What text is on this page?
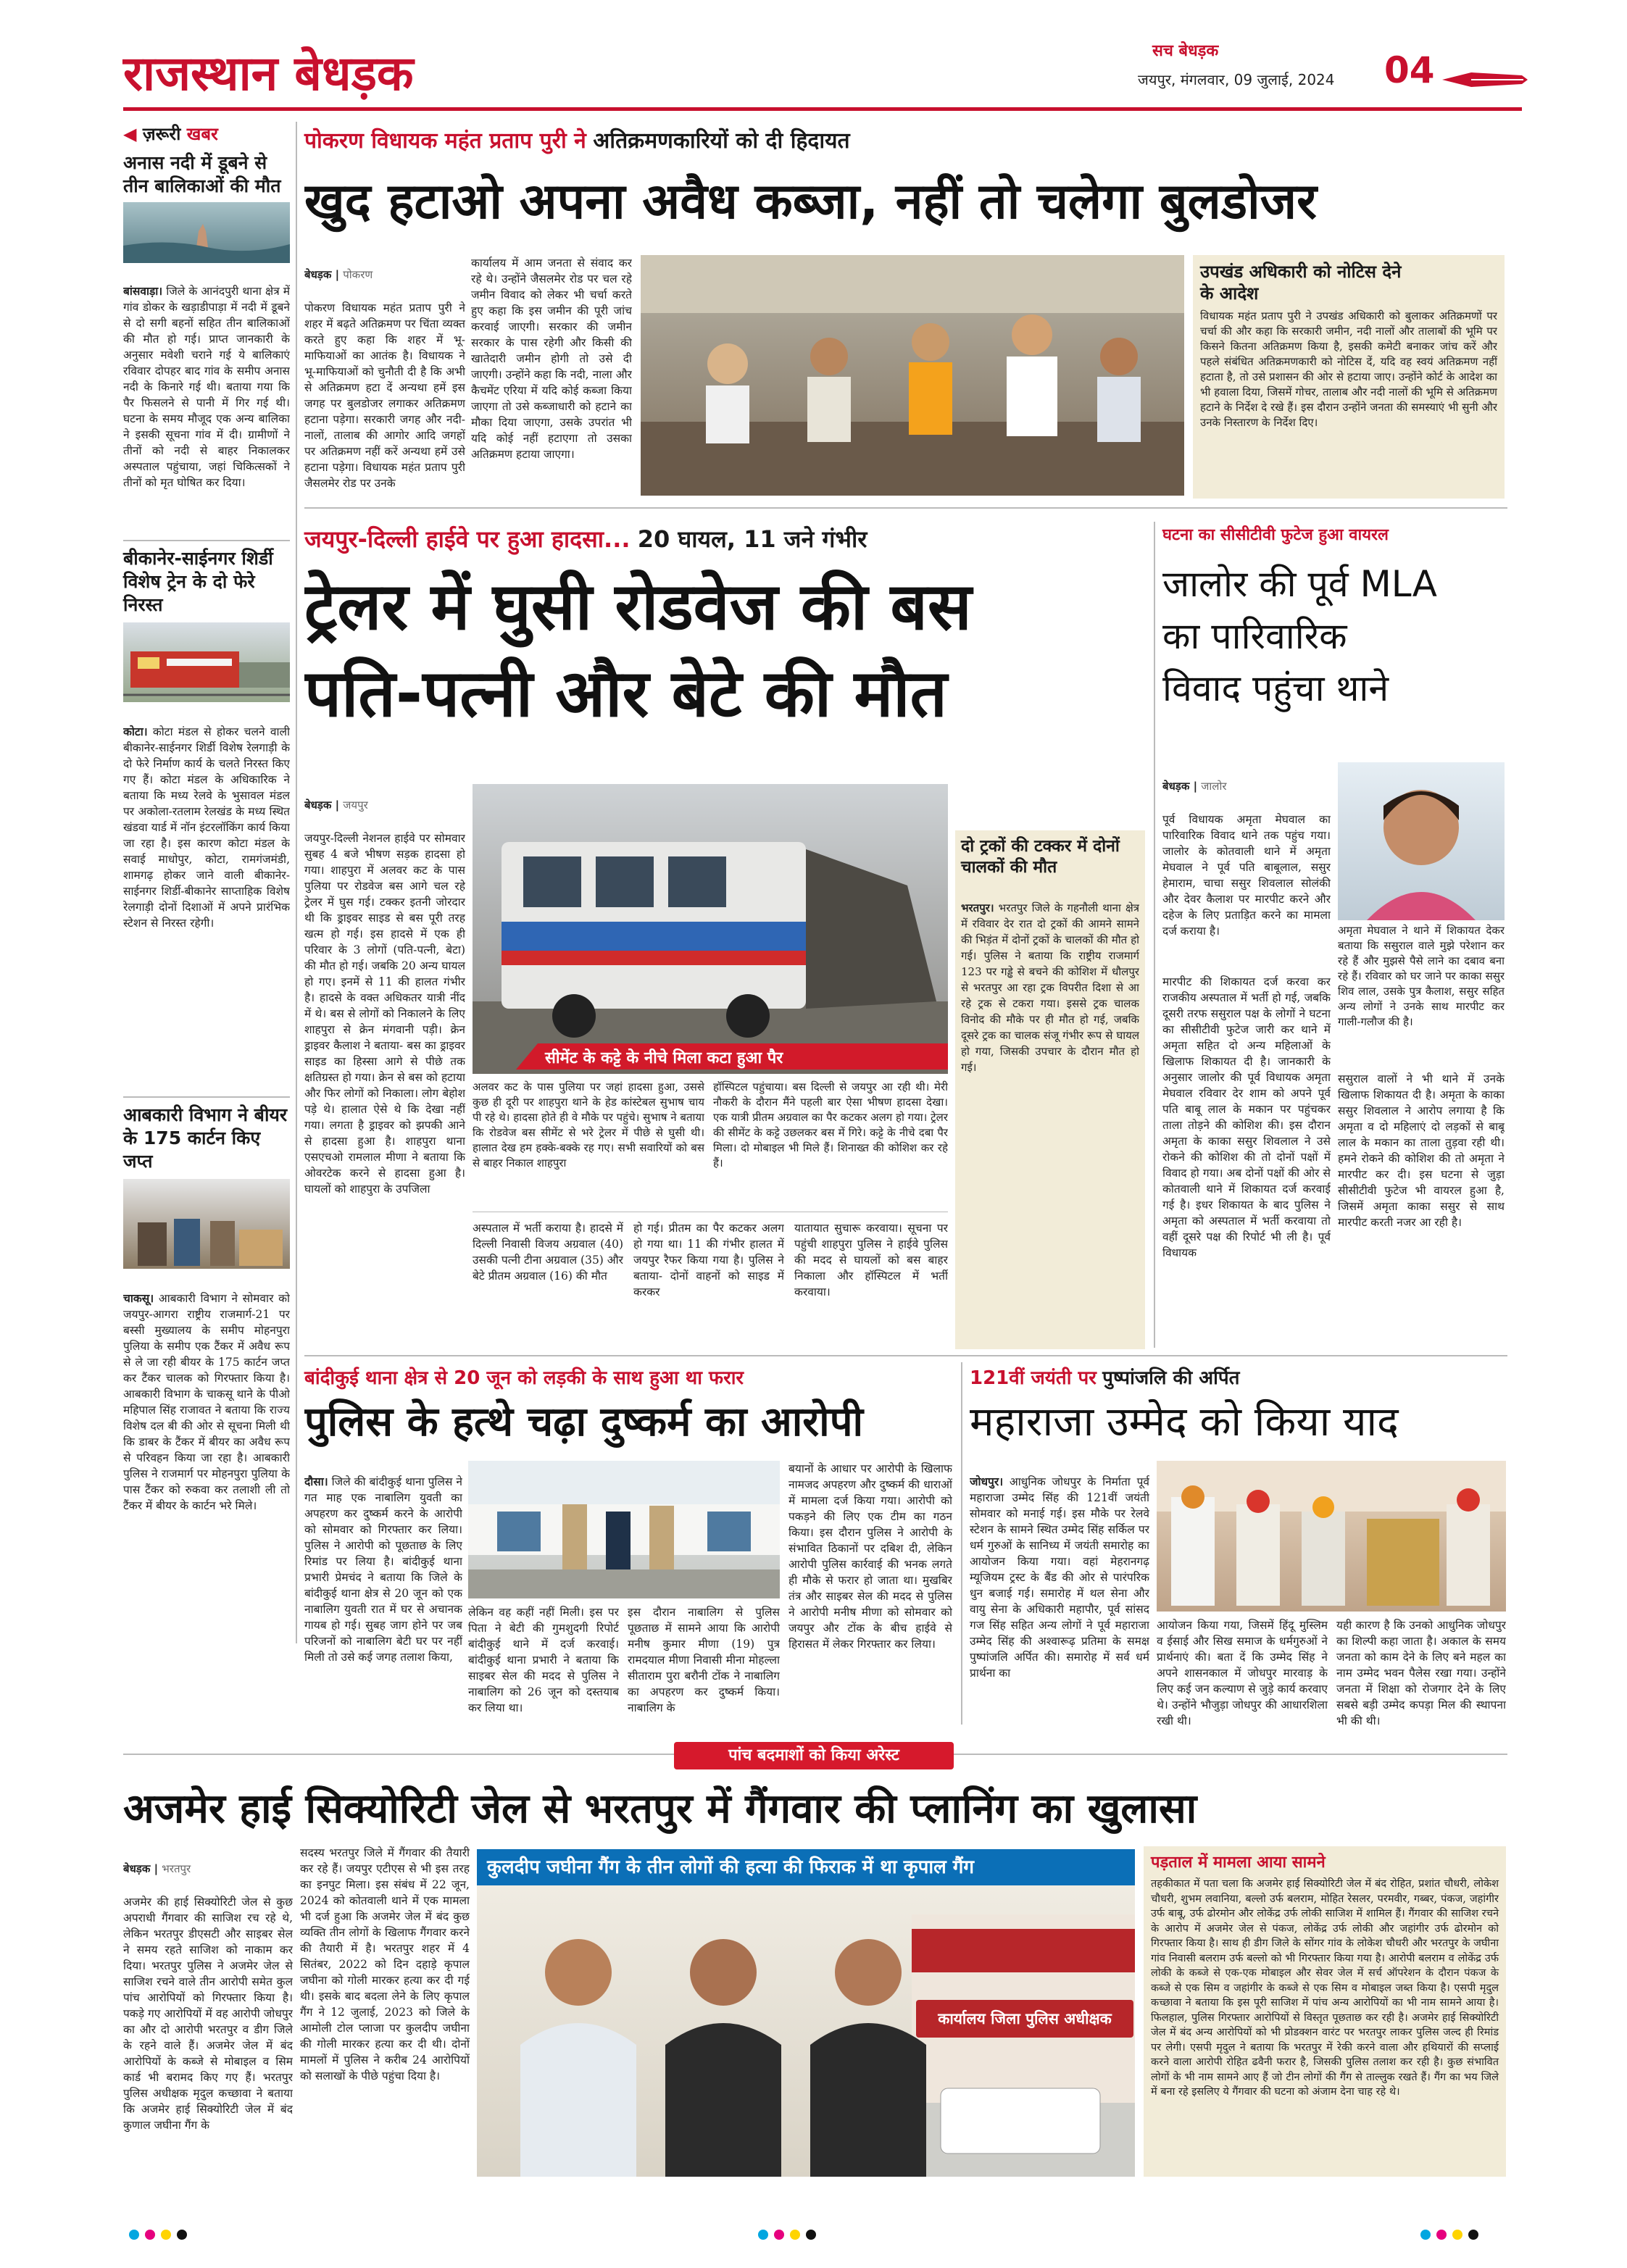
राजस्थान बेधड़क	सच बेधड़क
जयपुर, मंगलवार, 09 जुलाई, 2024 04
◀ ज़रूरी खबर
अनास नदी में डूबने से तीन बालिकाओं की मौत

बांसवाड़ा। जिले के आनंदपुरी थाना क्षेत्र में गांव डोकर के खड़ाडीपाड़ा में नदी में डूबने से दो सगी बहनों सहित तीन बालिकाओं की मौत हो गई। प्राप्त जानकारी के अनुसार मवेशी चराने गई ये बालिकाएं रविवार दोपहर बाद गांव के समीप अनास नदी के किनारे गई थी। बताया गया कि पैर फिसलने से पानी में गिर गई थी। घटना के समय मौजूद एक अन्य बालिका ने इसकी सूचना गांव में दी। ग्रामीणों ने तीनों को नदी से बाहर निकालकर अस्पताल पहुंचाया, जहां चिकित्सकों ने तीनों को मृत घोषित कर दिया।

बीकानेर-साईनगर शिर्डी विशेष ट्रेन के दो फेरे निरस्त

कोटा। कोटा मंडल से होकर चलने वाली बीकानेर-साईनगर शिर्डी विशेष रेलगाड़ी के दो फेरे निर्माण कार्य के चलते निरस्त किए गए हैं। कोटा मंडल के अधिकारिक ने बताया कि मध्य रेलवे के भुसावल मंडल पर अकोला-रतलाम रेलखंड के मध्य स्थित खंडवा यार्ड में नॉन इंटरलॉकिंग कार्य किया जा रहा है। इस कारण कोटा मंडल के सवाई माधोपुर, कोटा, रामगंजमंडी, शामगढ़ होकर जाने वाली बीकानेर-साईनगर शिर्डी-बीकानेर साप्ताहिक विशेष रेलगाड़ी दोनों दिशाओं में अपने प्रारंभिक स्टेशन से निरस्त रहेगी।

आबकारी विभाग ने बीयर के 175 कार्टन किए जप्त

चाकसू। आबकारी विभाग ने सोमवार को जयपुर-आगरा राष्ट्रीय राजमार्ग-21 पर बस्सी मुख्यालय के समीप मोहनपुरा पुलिया के समीप एक टैंकर में अवैध रूप से ले जा रही बीयर के 175 कार्टन जप्त कर टैंकर चालक को गिरफ्तार किया है। आबकारी विभाग के चाकसू थाने के पीओ महिपाल सिंह राजावत ने बताया कि राज्य विशेष दल बी की ओर से सूचना मिली थी कि डाबर के टैंकर में बीयर का अवैध रूप से परिवहन किया जा रहा है। आबकारी पुलिस ने राजमार्ग पर मोहनपुरा पुलिया के पास टैंकर को रुकवा कर तलाशी ली तो टैंकर में बीयर के कार्टन भरे मिले।

पोकरण विधायक महंत प्रताप पुरी ने अतिक्रमणकारियों को दी हिदायत
खुद हटाओ अपना अवैध कब्जा, नहीं तो चलेगा बुलडोजर

बेधड़क | पोकरण

पोकरण विधायक महंत प्रताप पुरी ने शहर में बढ़ते अतिक्रमण पर चिंता व्यक्त करते हुए कहा कि शहर में भू-माफियाओं का आतंक है। विधायक ने भू-माफियाओं को चुनौती दी है कि अभी से अतिक्रमण हटा दें अन्यथा हमें इस जगह पर बुलडोजर लगाकर अतिक्रमण हटाना पड़ेगा। सरकारी जगह और नदी-नालों, तालाब की आगोर आदि जगहों पर अतिक्रमण नहीं करें अन्यथा हमें उसे हटाना पड़ेगा। विधायक महंत प्रताप पुरी जैसलमेर रोड पर उनके

कार्यालय में आम जनता से संवाद कर रहे थे। उन्होंने जैसलमेर रोड पर चल रहे जमीन विवाद को लेकर भी चर्चा करते हुए कहा कि इस जमीन की पूरी जांच करवाई जाएगी। सरकार की जमीन सरकार के पास रहेगी और किसी की खातेदारी जमीन होगी तो उसे दी जाएगी। उन्होंने कहा कि नदी, नाला और कैचमेंट एरिया में यदि कोई कब्जा किया जाएगा तो उसे कब्जाधारी को हटाने का मौका दिया जाएगा, उसके उपरांत भी यदि कोई नहीं हटाएगा तो उसका अतिक्रमण हटाया जाएगा।
उपखंड अधिकारी को नोटिस देने के आदेश
विधायक महंत प्रताप पुरी ने उपखंड अधिकारी को बुलाकर अतिक्रमणों पर चर्चा की और कहा कि सरकारी जमीन, नदी नालों और तालाबों की भूमि पर किसने कितना अतिक्रमण किया है, इसकी कमेटी बनाकर जांच करें और पहले संबंधित अतिक्रमणकारी को नोटिस दें, यदि वह स्वयं अतिक्रमण नहीं हटाता है, तो उसे प्रशासन की ओर से हटाया जाए। उन्होंने कोर्ट के आदेश का भी हवाला दिया, जिसमें गोचर, तालाब और नदी नालों की भूमि से अतिक्रमण हटाने के निर्देश दे रखे हैं। इस दौरान उन्होंने जनता की समस्याएं भी सुनी और उनके निस्तारण के निर्देश दिए।
जयपुर-दिल्ली हाईवे पर हुआ हादसा... 20 घायल, 11 जने गंभीर
ट्रेलर में घुसी रोडवेज की बस
पति-पत्नी और बेटे की मौत

बेधड़क | जयपुर

जयपुर-दिल्ली नेशनल हाईवे पर सोमवार सुबह 4 बजे भीषण सड़क हादसा हो गया। शाहपुरा में अलवर कट के पास पुलिया पर रोडवेज बस आगे चल रहे ट्रेलर में घुस गई। टक्कर इतनी जोरदार थी कि ड्राइवर साइड से बस पूरी तरह खत्म हो गई। इस हादसे में एक ही परिवार के 3 लोगों (पति-पत्नी, बेटा) की मौत हो गई। जबकि 20 अन्य घायल हो गए। इनमें से 11 की हालत गंभीर है। हादसे के वक्त अधिकतर यात्री नींद में थे। बस से लोगों को निकालने के लिए शाहपुरा से क्रेन मंगवानी पड़ी। क्रेन ड्राइवर कैलाश ने बताया- बस का ड्राइवर साइड का हिस्सा आगे से पीछे तक क्षतिग्रस्त हो गया। क्रेन से बस को हटाया और फिर लोगों को निकाला। लोग बेहोश पड़े थे। हालात ऐसे थे कि देखा नहीं गया। लगता है ड्राइवर को झपकी आने से हादसा हुआ है। शाहपुरा थाना एसएचओ रामलाल मीणा ने बताया कि ओवरटेक करने से हादसा हुआ है। घायलों को शाहपुरा के उपजिला

सीमेंट के कट्टे के नीचे मिला कटा हुआ पैर
अलवर कट के पास पुलिया पर जहां हादसा हुआ, उससे कुछ ही दूरी पर शाहपुरा थाने के हेड कांस्टेबल सुभाष चाय पी रहे थे। हादसा होते ही वे मौके पर पहुंचे। सुभाष ने बताया कि रोडवेज बस सीमेंट से भरे ट्रेलर में पीछे से घुसी थी। हालात देख हम हक्के-बक्के रह गए। सभी सवारियों को बस से बाहर निकाल शाहपुरा
हॉस्पिटल पहुंचाया। बस दिल्ली से जयपुर आ रही थी। मेरी नौकरी के दौरान मैंने पहली बार ऐसा भीषण हादसा देखा। एक यात्री प्रीतम अग्रवाल का पैर कटकर अलग हो गया। ट्रेलर की सीमेंट के कट्टे उछलकर बस में गिरे। कट्टे के नीचे दबा पैर मिला। दो मोबाइल भी मिले हैं। शिनाख्त की कोशिश कर रहे हैं।
अस्पताल में भर्ती कराया है। हादसे में दिल्ली निवासी विजय अग्रवाल (40) उसकी पत्नी टीना अग्रवाल (35) और बेटे प्रीतम अग्रवाल (16) की मौत
हो गई। प्रीतम का पैर कटकर अलग हो गया था। 11 की गंभीर हालत में जयपुर रैफर किया गया है। पुलिस ने बताया- दोनों वाहनों को साइड में करकर
यातायात सुचारू करवाया। सूचना पर पहुंची शाहपुरा पुलिस ने हाईवे पुलिस की मदद से घायलों को बस बाहर निकाला और हॉस्पिटल में भर्ती करवाया।
दो ट्रकों की टक्कर में दोनों चालकों की मौत

भरतपुर। भरतपुर जिले के गहनौली थाना क्षेत्र में रविवार देर रात दो ट्रकों की आमने सामने की भिड़ंत में दोनों ट्रकों के चालकों की मौत हो गई। पुलिस ने बताया कि राष्ट्रीय राजमार्ग 123 पर गड्ढे से बचने की कोशिश में धौलपुर से भरतपुर आ रहा ट्रक विपरीत दिशा से आ रहे ट्रक से टकरा गया। इससे ट्रक चालक विनोद की मौके पर ही मौत हो गई, जबकि दूसरे ट्रक का चालक संजू गंभीर रूप से घायल हो गया, जिसकी उपचार के दौरान मौत हो गई।

घटना का सीसीटीवी फुटेज हुआ वायरल
जालोर की पूर्व MLA
का पारिवारिक
विवाद पहुंचा थाने

बेधड़क | जालोर

पूर्व विधायक अमृता मेघवाल का पारिवारिक विवाद थाने तक पहुंच गया। जालोर के कोतवाली थाने में अमृता मेघवाल ने पूर्व पति बाबूलाल, ससुर हेमाराम, चाचा ससुर शिवलाल सोलंकी और देवर कैलाश पर मारपीट करने और दहेज के लिए प्रताड़ित करने का मामला दर्ज कराया है।	अमृता मेघवाल ने थाने में शिकायत देकर बताया कि ससुराल वाले मुझे परेशान कर रहे हैं और मुझसे पैसे लाने का दबाव बना रहे हैं। रविवार को घर जाने पर काका ससुर शिव लाल, उसके पुत्र कैलाश, ससुर सहित अन्य लोगों ने उनके साथ मारपीट कर गाली-गलौज की है।
मारपीट की शिकायत दर्ज करवा कर राजकीय अस्पताल में भर्ती हो गई, जबकि दूसरी तरफ ससुराल पक्ष के लोगों ने घटना का सीसीटीवी फुटेज जारी कर थाने में अमृता सहित दो अन्य महिलाओं के खिलाफ शिकायत दी है। जानकारी के अनुसार जालोर की पूर्व विधायक अमृता मेघवाल रविवार देर शाम को अपने पूर्व पति बाबू लाल के मकान पर पहुंचकर ताला तोड़ने की कोशिश की। इस दौरान अमृता के काका ससुर शिवलाल ने उसे रोकने की कोशिश की तो दोनों पक्षों में विवाद हो गया। अब दोनों पक्षों की ओर से कोतवाली थाने में शिकायत दर्ज करवाई गई है। इधर शिकायत के बाद पुलिस ने अमृता को अस्पताल में भर्ती करवाया तो वहीं दूसरे पक्ष की रिपोर्ट भी ली है। पूर्व विधायक
ससुराल वालों ने भी थाने में उनके खिलाफ शिकायत दी है। अमृता के काका ससुर शिवलाल ने आरोप लगाया है कि अमृता व दो महिलाएं दो लड़कों से बाबू लाल के मकान का ताला तुड़वा रही थी। हमने रोकने की कोशिश की तो अमृता ने मारपीट कर दी। इस घटना से जुड़ा सीसीटीवी फुटेज भी वायरल हुआ है, जिसमें अमृता काका ससुर से साथ मारपीट करती नजर आ रही है।
बांदीकुई थाना क्षेत्र से 20 जून को लड़की के साथ हुआ था फरार
पुलिस के हत्थे चढ़ा दुष्कर्म का आरोपी

दौसा। जिले की बांदीकुई थाना पुलिस ने गत माह एक नाबालिग युवती का अपहरण कर दुष्कर्म करने के आरोपी को सोमवार को गिरफ्तार कर लिया। पुलिस ने आरोपी को पूछताछ के लिए रिमांड पर लिया है। बांदीकुई थाना प्रभारी प्रेमचंद ने बताया कि जिले के बांदीकुई थाना क्षेत्र से 20 जून को एक नाबालिग युवती रात में घर से अचानक गायब हो गई। सुबह जाग होने पर जब परिजनों को नाबालिग बेटी घर पर नहीं मिली तो उसे कई जगह तलाश किया,

लेकिन वह कहीं नहीं मिली। इस पर पिता ने बेटी की गुमशुदगी रिपोर्ट बांदीकुई थाने में दर्ज करवाई। बांदीकुई थाना प्रभारी ने बताया कि साइबर सेल की मदद से पुलिस ने नाबालिग को 26 जून को दस्तयाब कर लिया था।
इस दौरान नाबालिग से पुलिस पूछताछ में सामने आया कि आरोपी मनीष कुमार मीणा (19) पुत्र रामदयाल मीणा निवासी मीना मोहल्ला सीताराम पुरा बरौनी टोंक ने नाबालिग का अपहरण कर दुष्कर्म किया। नाबालिग के
बयानों के आधार पर आरोपी के खिलाफ नामजद अपहरण और दुष्कर्म की धाराओं में मामला दर्ज किया गया। आरोपी को पकड़ने की लिए एक टीम का गठन किया। इस दौरान पुलिस ने आरोपी के संभावित ठिकानों पर दबिश दी, लेकिन आरोपी पुलिस कार्रवाई की भनक लगते ही मौके से फरार हो जाता था। मुखबिर तंत्र और साइबर सेल की मदद से पुलिस ने आरोपी मनीष मीणा को सोमवार को जयपुर और टोंक के बीच हाईवे से हिरासत में लेकर गिरफ्तार कर लिया।
121वीं जयंती पर पुष्पांजलि की अर्पित
महाराजा उम्मेद को किया याद

जोधपुर। आधुनिक जोधपुर के निर्माता पूर्व महाराजा उम्मेद सिंह की 121वीं जयंती सोमवार को मनाई गई। इस मौके पर रेलवे स्टेशन के सामने स्थित उम्मेद सिंह सर्किल पर धर्म गुरुओं के सानिध्य में जयंती समारोह का आयोजन किया गया। वहां मेहरानगढ़ म्यूजियम ट्रस्ट के बैंड की ओर से पारंपरिक धुन बजाई गई। समारोह में थल सेना और वायु सेना के अधिकारी महापौर, पूर्व सांसद गज सिंह सहित अन्य लोगों ने पूर्व महाराजा उम्मेद सिंह की अश्वारूढ़ प्रतिमा के समक्ष पुष्पांजलि अर्पित की। समारोह में सर्व धर्म प्रार्थना का

आयोजन किया गया, जिसमें हिंदू मुस्लिम व ईसाई और सिख समाज के धर्मगुरुओं ने प्रार्थनाएं की। बता दें कि उम्मेद सिंह ने अपने शासनकाल में जोधपुर मारवाड़ के लिए कई जन कल्याण से जुड़े कार्य करवाए थे। उन्होंने भौजुड़ा जोधपुर की आधारशिला रखी थी।
यही कारण है कि उनको आधुनिक जोधपुर का शिल्पी कहा जाता है। अकाल के समय जनता को काम देने के लिए बने महल का नाम उम्मेद भवन पैलेस रखा गया। उन्होंने जनता में शिक्षा को रोजगार देने के लिए सबसे बड़ी उम्मेद कपड़ा मिल की स्थापना भी की थी।
पांच बदमाशों को किया अरेस्ट
अजमेर हाई सिक्योरिटी जेल से भरतपुर में गैंगवार की प्लानिंग का खुलासा

बेधड़क | भरतपुर

अजमेर की हाई सिक्योरिटी जेल से कुछ अपराधी गैंगवार की साजिश रच रहे थे, लेकिन भरतपुर डीएसटी और साइबर सेल ने समय रहते साजिश को नाकाम कर दिया। भरतपुर पुलिस ने अजमेर जेल से साजिश रचने वाले तीन आरोपी समेत कुल पांच आरोपियों को गिरफ्तार किया है। पकड़े गए आरोपियों में वह आरोपी जोधपुर का और दो आरोपी भरतपुर व डीग जिले के रहने वाले हैं। अजमेर जेल में बंद आरोपियों के कब्जे से मोबाइल व सिम कार्ड भी बरामद किए गए हैं। भरतपुर पुलिस अधीक्षक मृदुल कच्छावा ने बताया कि अजमेर हाई सिक्योरिटी जेल में बंद कुणाल जघीना गैंग के

सदस्य भरतपुर जिले में गैंगवार की तैयारी कर रहे हैं। जयपुर एटीएस से भी इस तरह का इनपुट मिला। इस संबंध में 22 जून, 2024 को कोतवाली थाने में एक मामला भी दर्ज हुआ कि अजमेर जेल में बंद कुछ व्यक्ति तीन लोगों के खिलाफ गैंगवार करने की तैयारी में है। भरतपुर शहर में 4 सितंबर, 2022 को दिन दहाड़े कृपाल जघीना को गोली मारकर हत्या कर दी गई थी। इसके बाद बदला लेने के लिए कृपाल गैंग ने 12 जुलाई, 2023 को जिले के आमोली टोल प्लाजा पर कुलदीप जघीना की गोली मारकर हत्या कर दी थी। दोनों मामलों में पुलिस ने करीब 24 आरोपियों को सलाखों के पीछे पहुंचा दिया है।
कुलदीप जघीना गैंग के तीन लोगों की हत्या की फिराक में था कृपाल गैंग
कार्यालय जिला पुलिस अधीक्षक
पड़ताल में मामला आया सामने
तहकीकात में पता चला कि अजमेर हाई सिक्योरिटी जेल में बंद रोहित, प्रशांत चौधरी, लोकेश चौधरी, शुभम लवानिया, बल्लो उर्फ बलराम, मोहित रेसलर, परमवीर, गब्बर, पंकज, जहांगीर उर्फ बाबू, उर्फ ढोरमोन और लोकेंद्र उर्फ लोकी साजिश में शामिल हैं। गैंगवार की साजिश रचने के आरोप में अजमेर जेल से पंकज, लोकेंद्र उर्फ लोकी और जहांगीर उर्फ ढोरमोन को गिरफ्तार किया है। साथ ही डीग जिले के सोंगर गांव के लोकेश चौधरी और भरतपुर के जघीना गांव निवासी बलराम उर्फ बल्लो को भी गिरफ्तार किया गया है। आरोपी बलराम व लोकेंद्र उर्फ लोकी के कब्जे से एक-एक मोबाइल और सेवर जेल में सर्च ऑपरेशन के दौरान पंकज के कब्जे से एक सिम व जहांगीर के कब्जे से एक सिम व मोबाइल जब्त किया है। एसपी मृदुल कच्छावा ने बताया कि इस पूरी साजिश में पांच अन्य आरोपियों का भी नाम सामने आया है। फिलहाल, पुलिस गिरफ्तार आरोपियों से विस्तृत पूछताछ कर रही है। अजमेर हाई सिक्योरिटी जेल में बंद अन्य आरोपियों को भी प्रोडक्शन वारंट पर भरतपुर लाकर पुलिस जल्द ही रिमांड पर लेगी। एसपी मृदुल ने बताया कि भरतपुर में रेकी करने वाला और हथियारों की सप्लाई करने वाला आरोपी रोहित ढवैनी फरार है, जिसकी पुलिस तलाश कर रही है। कुछ संभावित लोगों के भी नाम सामने आए हैं जो टीन लोगों की गैंग से ताल्लुक रखते हैं। गैंग का भय जिले में बना रहे इसलिए ये गैंगवार की घटना को अंजाम देना चाह रहे थे।
